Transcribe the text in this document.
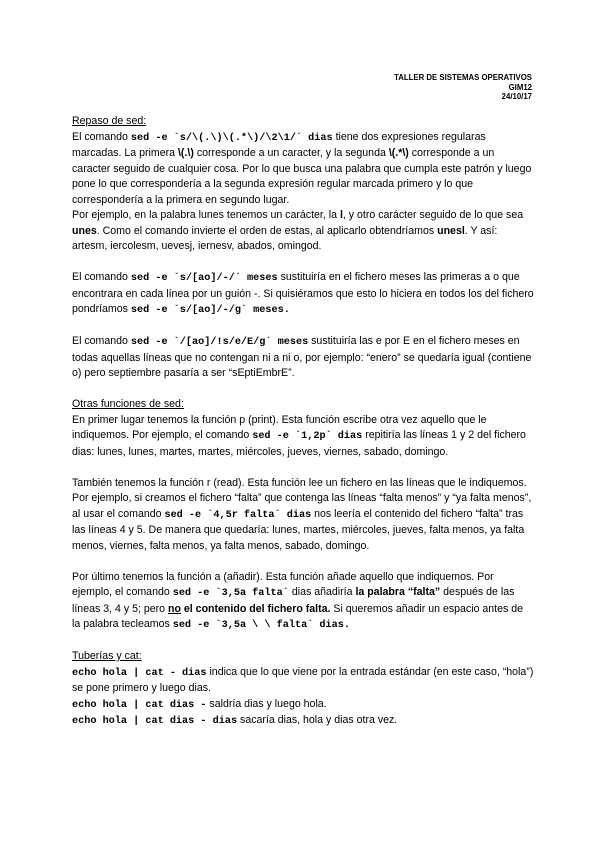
TALLER DE SISTEMAS OPERATIVOS
GIM12
24/10/17

Repaso de sed:

El comando sed -e `s/\(.\)\(.*\)/\2\1/´ dias tiene dos expresiones regularas marcadas. La primera \(.\) corresponde a un caracter, y la segunda \(.*\) corresponde a un caracter seguido de cualquier cosa. Por lo que busca una palabra que cumpla este patrón y luego pone lo que correspondería a la segunda expresión regular marcada primero y lo que correspondería a la primera en segundo lugar.

Por ejemplo, en la palabra lunes tenemos un carácter, la l, y otro carácter seguido de lo que sea unes. Como el comando invierte el orden de estas, al aplicarlo obtendríamos unesl. Y así: artesm, iercolesm, uevesj, iernesv, abados, omingod.

El comando sed -e `s/[ao]/-/´ meses sustituiría en el fichero meses las primeras a o que encontrara en cada línea por un guión -. Si quisiéramos que esto lo hiciera en todos los del fichero pondríamos sed -e `s/[ao]/-/g´ meses.

El comando sed -e `/[ao]/!s/e/E/g´ meses sustituiría las e por E en el fichero meses en todas aquellas líneas que no contengan ni a ni o, por ejemplo: “enero” se quedaría igual (contiene o) pero septiembre pasaría a ser “sEptiEmbrE”.

Otras funciones de sed:

En primer lugar tenemos la función p (print). Esta función escribe otra vez aquello que le indiquemos. Por ejemplo, el comando sed -e `1,2p´ dias repitiría las líneas 1 y 2 del fichero dias: lunes, lunes, martes, martes, miércoles, jueves, viernes, sabado, domingo.

También tenemos la función r (read). Esta función lee un fichero en las líneas que le indiquemos. Por ejemplo, si creamos el fichero “falta” que contenga las líneas “falta menos” y “ya falta menos”, al usar el comando sed -e `4,5r falta´ dias nos leería el contenido del fichero “falta” tras las líneas 4 y 5. De manera que quedaría: lunes, martes, miércoles, jueves, falta menos, ya falta menos, viernes, falta menos, ya falta menos, sabado, domingo.

Por último tenemos la función a (añadir). Esta función añade aquello que indiquemos. Por ejemplo, el comando sed -e `3,5a falta´ dias añadiría la palabra “falta” después de las líneas 3, 4 y 5; pero no el contenido del fichero falta. Si queremos añadir un espacio antes de la palabra tecleamos sed -e `3,5a \ \ falta´ dias.

Tuberías y cat:

echo hola | cat - dias indica que lo que viene por la entrada estándar (en este caso, “hola”) se pone primero y luego dias.

echo hola | cat dias - saldría dias y luego hola.

echo hola | cat dias - dias sacaría dias, hola y dias otra vez.
